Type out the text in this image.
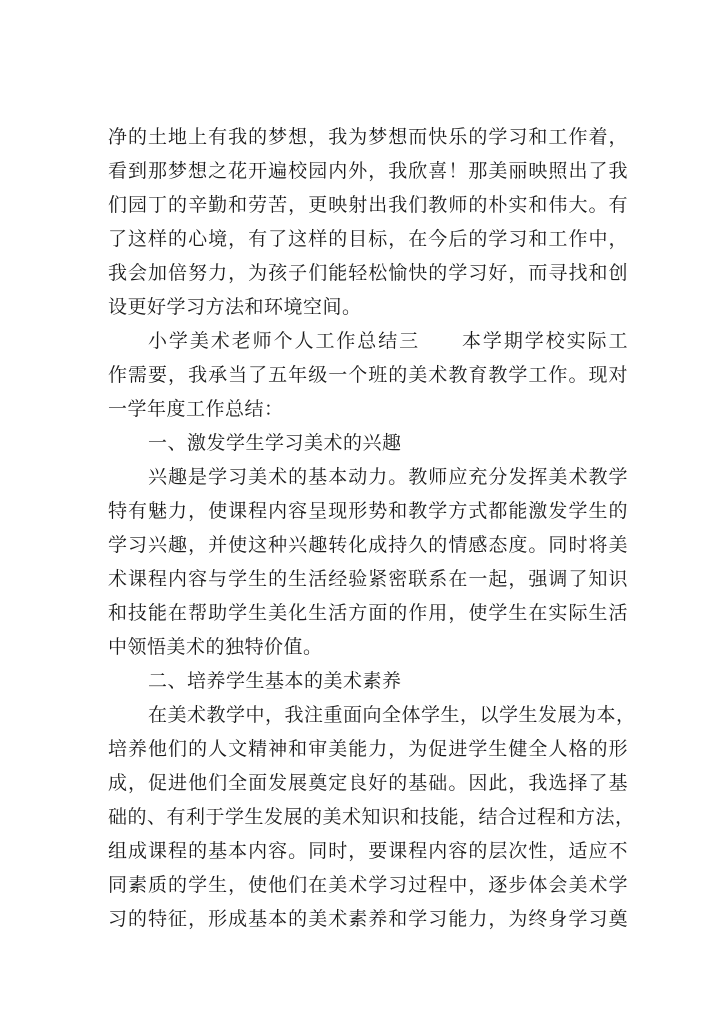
净的土地上有我的梦想，我为梦想而快乐的学习和工作着，
看到那梦想之花开遍校园内外，我欣喜！那美丽映照出了我
们园丁的辛勤和劳苦，更映射出我们教师的朴实和伟大。有
了这样的心境，有了这样的目标，在今后的学习和工作中，
我会加倍努力，为孩子们能轻松愉快的学习好，而寻找和创
设更好学习方法和环境空间。
小学美术老师个人工作总结三　　本学期学校实际工
作需要，我承当了五年级一个班的美术教育教学工作。现对
一学年度工作总结：
一、激发学生学习美术的兴趣
兴趣是学习美术的基本动力。教师应充分发挥美术教学
特有魅力，使课程内容呈现形势和教学方式都能激发学生的
学习兴趣，并使这种兴趣转化成持久的情感态度。同时将美
术课程内容与学生的生活经验紧密联系在一起，强调了知识
和技能在帮助学生美化生活方面的作用，使学生在实际生活
中领悟美术的独特价值。
二、培养学生基本的美术素养
在美术教学中，我注重面向全体学生，以学生发展为本，
培养他们的人文精神和审美能力，为促进学生健全人格的形
成，促进他们全面发展奠定良好的基础。因此，我选择了基
础的、有利于学生发展的美术知识和技能，结合过程和方法，
组成课程的基本内容。同时，要课程内容的层次性，适应不
同素质的学生，使他们在美术学习过程中，逐步体会美术学
习的特征，形成基本的美术素养和学习能力，为终身学习奠
